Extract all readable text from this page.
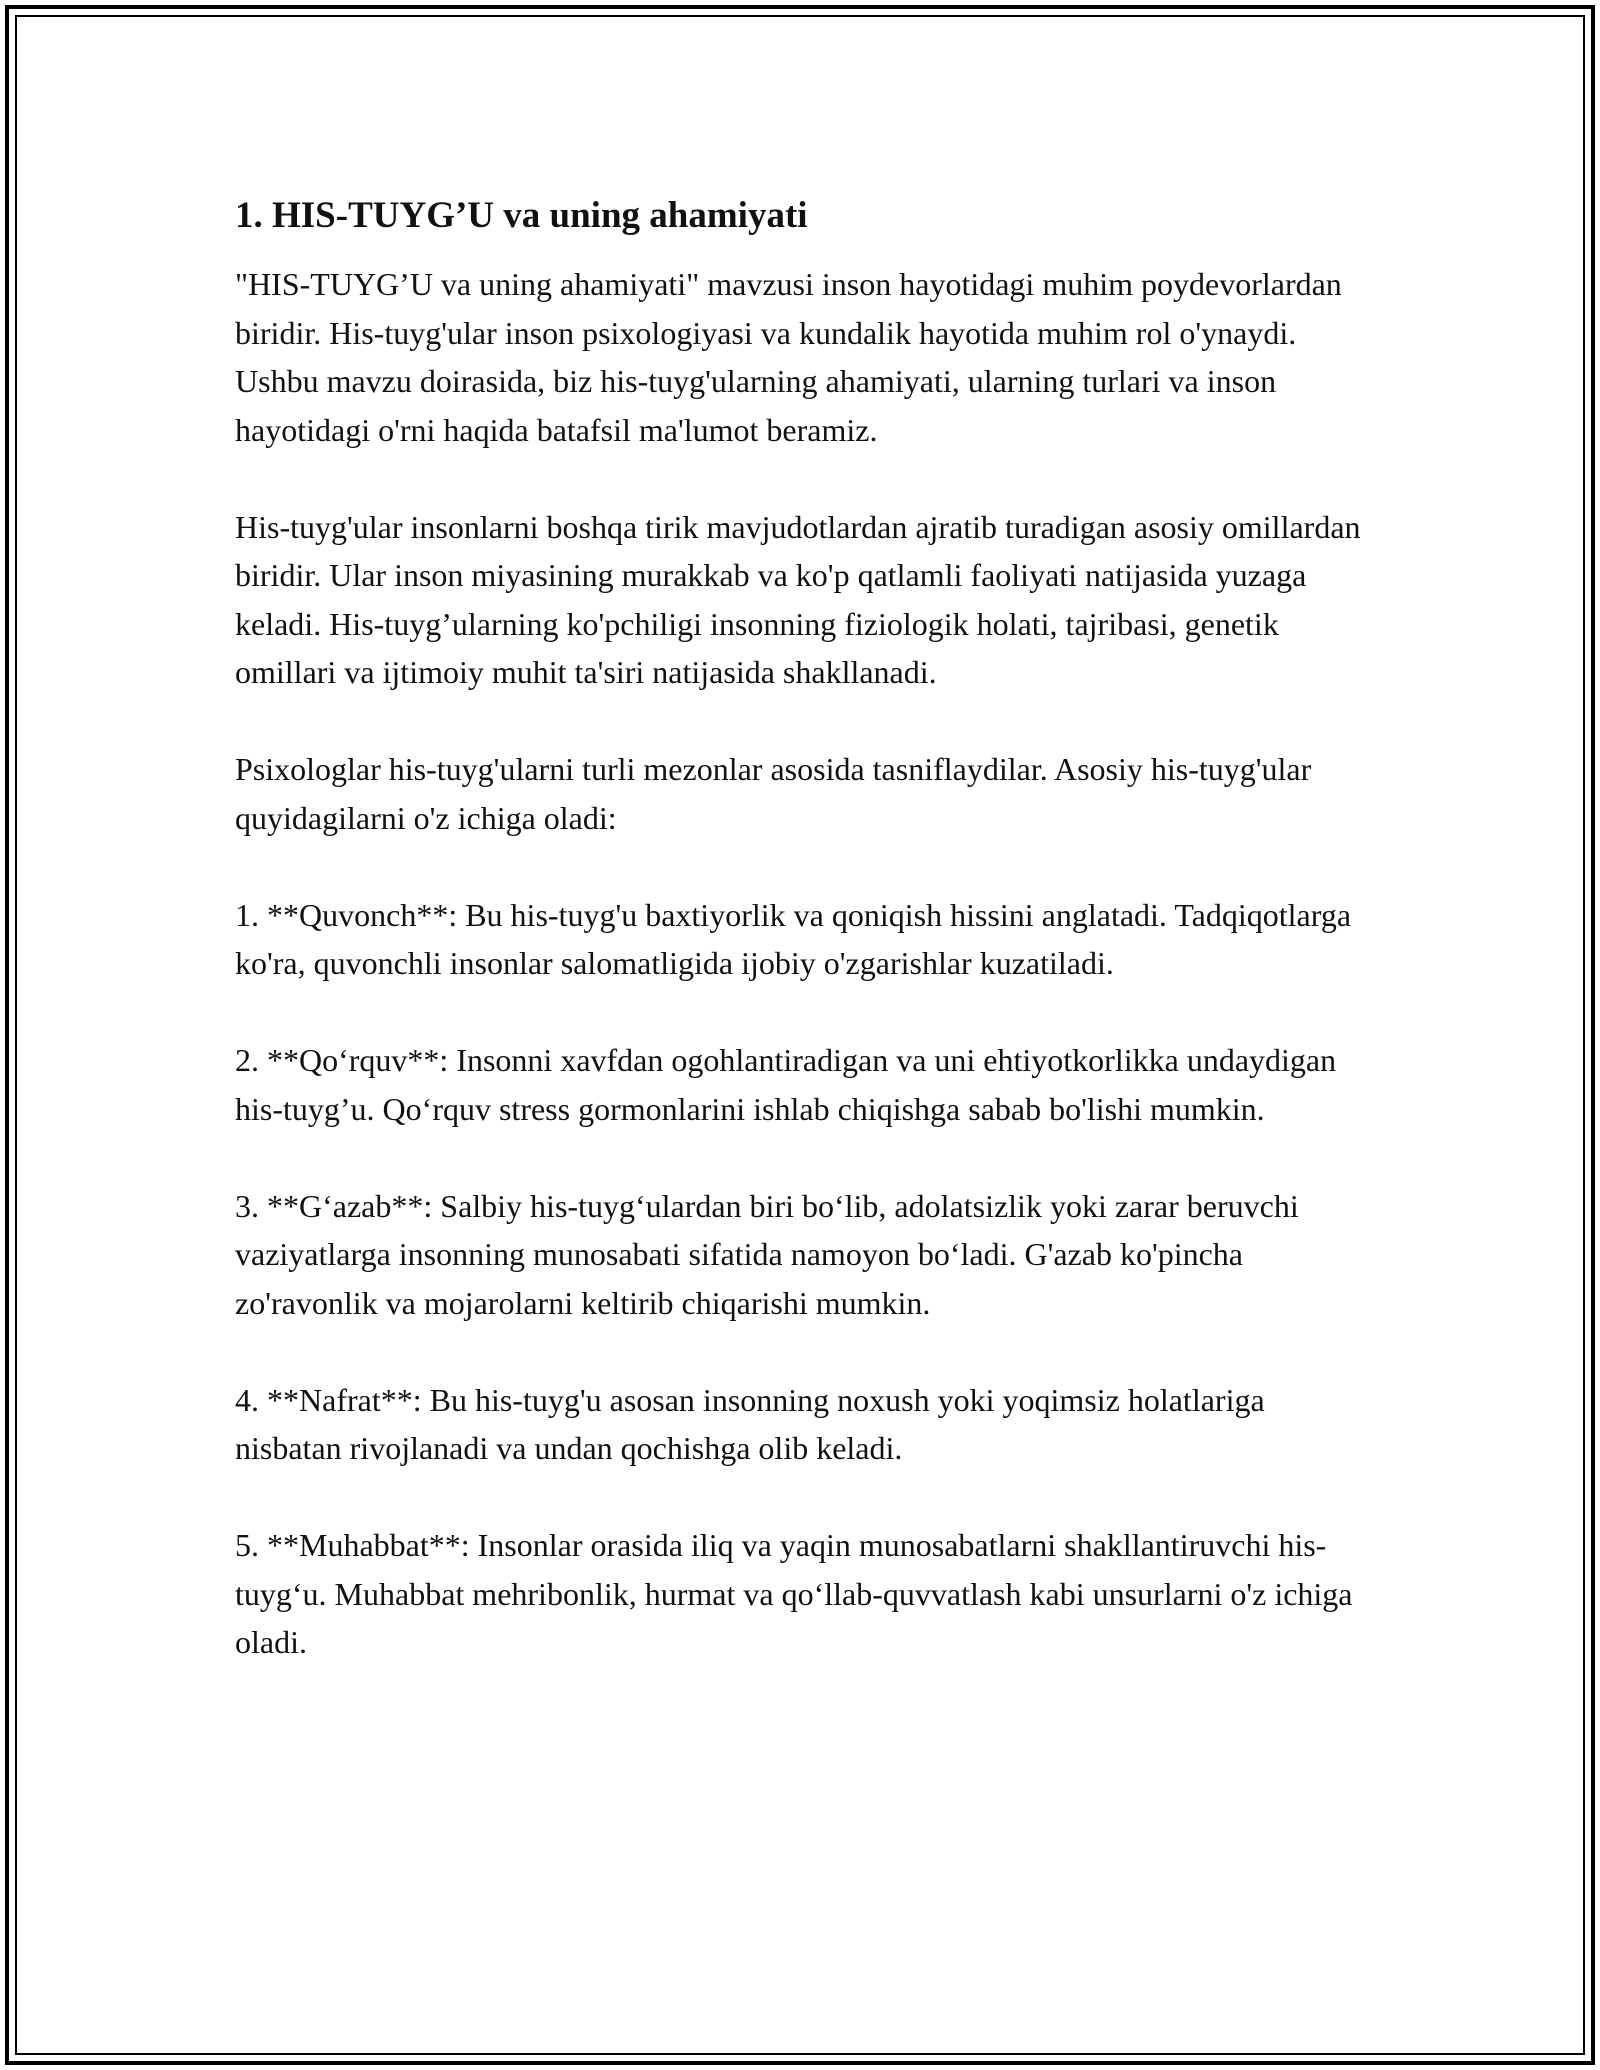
1. HIS-TUYG’U va uning ahamiyati

"HIS-TUYG’U va uning ahamiyati" mavzusi inson hayotidagi muhim poydevorlardan biridir. His-tuyg'ular inson psixologiyasi va kundalik hayotida muhim rol o'ynaydi. Ushbu mavzu doirasida, biz his-tuyg'ularning ahamiyati, ularning turlari va inson hayotidagi o'rni haqida batafsil ma'lumot beramiz.

His-tuyg'ular insonlarni boshqa tirik mavjudotlardan ajratib turadigan asosiy omillardan biridir. Ular inson miyasining murakkab va ko'p qatlamli faoliyati natijasida yuzaga keladi. His-tuyg’ularning ko'pchiligi insonning fiziologik holati, tajribasi, genetik omillari va ijtimoiy muhit ta'siri natijasida shakllanadi.

Psixologlar his-tuyg'ularni turli mezonlar asosida tasniflaydilar. Asosiy his-tuyg'ular quyidagilarni o'z ichiga oladi:

1. **Quvonch**: Bu his-tuyg'u baxtiyorlik va qoniqish hissini anglatadi. Tadqiqotlarga ko'ra, quvonchli insonlar salomatligida ijobiy o'zgarishlar kuzatiladi.

2. **Qo‘rquv**: Insonni xavfdan ogohlantiradigan va uni ehtiyotkorlikka undaydigan his-tuyg’u. Qo‘rquv stress gormonlarini ishlab chiqishga sabab bo'lishi mumkin.

3. **G‘azab**: Salbiy his-tuyg‘ulardan biri bo‘lib, adolatsizlik yoki zarar beruvchi vaziyatlarga insonning munosabati sifatida namoyon bo‘ladi. G'azab ko'pincha zo'ravonlik va mojarolarni keltirib chiqarishi mumkin.

4. **Nafrat**: Bu his-tuyg'u asosan insonning noxush yoki yoqimsiz holatlariga nisbatan rivojlanadi va undan qochishga olib keladi.

5. **Muhabbat**: Insonlar orasida iliq va yaqin munosabatlarni shakllantiruvchi his-tuyg‘u. Muhabbat mehribonlik, hurmat va qo‘llab-quvvatlash kabi unsurlarni o'z ichiga oladi.
